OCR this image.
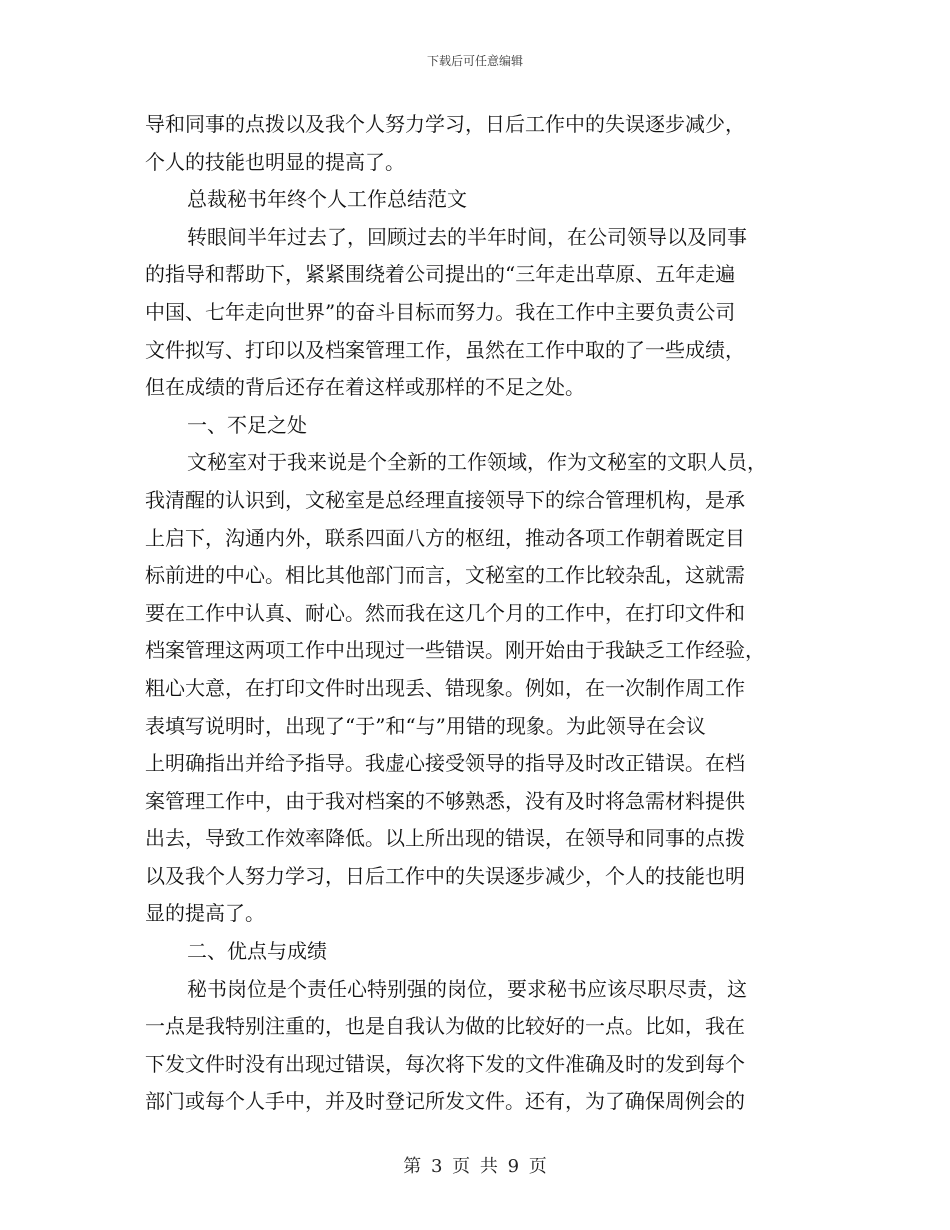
下载后可任意编辑
导和同事的点拨以及我个人努力学习，日后工作中的失误逐步减少，
个人的技能也明显的提高了。
总裁秘书年终个人工作总结范文
转眼间半年过去了，回顾过去的半年时间，在公司领导以及同事
的指导和帮助下，紧紧围绕着公司提出的“三年走出草原、五年走遍
中国、七年走向世界”的奋斗目标而努力。我在工作中主要负责公司
文件拟写、打印以及档案管理工作，虽然在工作中取的了一些成绩，
但在成绩的背后还存在着这样或那样的不足之处。
一、不足之处
文秘室对于我来说是个全新的工作领域，作为文秘室的文职人员，
我清醒的认识到，文秘室是总经理直接领导下的综合管理机构，是承
上启下，沟通内外，联系四面八方的枢纽，推动各项工作朝着既定目
标前进的中心。相比其他部门而言，文秘室的工作比较杂乱，这就需
要在工作中认真、耐心。然而我在这几个月的工作中，在打印文件和
档案管理这两项工作中出现过一些错误。刚开始由于我缺乏工作经验，
粗心大意，在打印文件时出现丢、错现象。例如，在一次制作周工作
表填写说明时，出现了“于”和“与”用错的现象。为此领导在会议
上明确指出并给予指导。我虚心接受领导的指导及时改正错误。在档
案管理工作中，由于我对档案的不够熟悉，没有及时将急需材料提供
出去，导致工作效率降低。以上所出现的错误，在领导和同事的点拨
以及我个人努力学习，日后工作中的失误逐步减少，个人的技能也明
显的提高了。
二、优点与成绩
秘书岗位是个责任心特别强的岗位，要求秘书应该尽职尽责，这
一点是我特别注重的，也是自我认为做的比较好的一点。比如，我在
下发文件时没有出现过错误，每次将下发的文件准确及时的发到每个
部门或每个人手中，并及时登记所发文件。还有，为了确保周例会的
第 3 页 共 9 页
